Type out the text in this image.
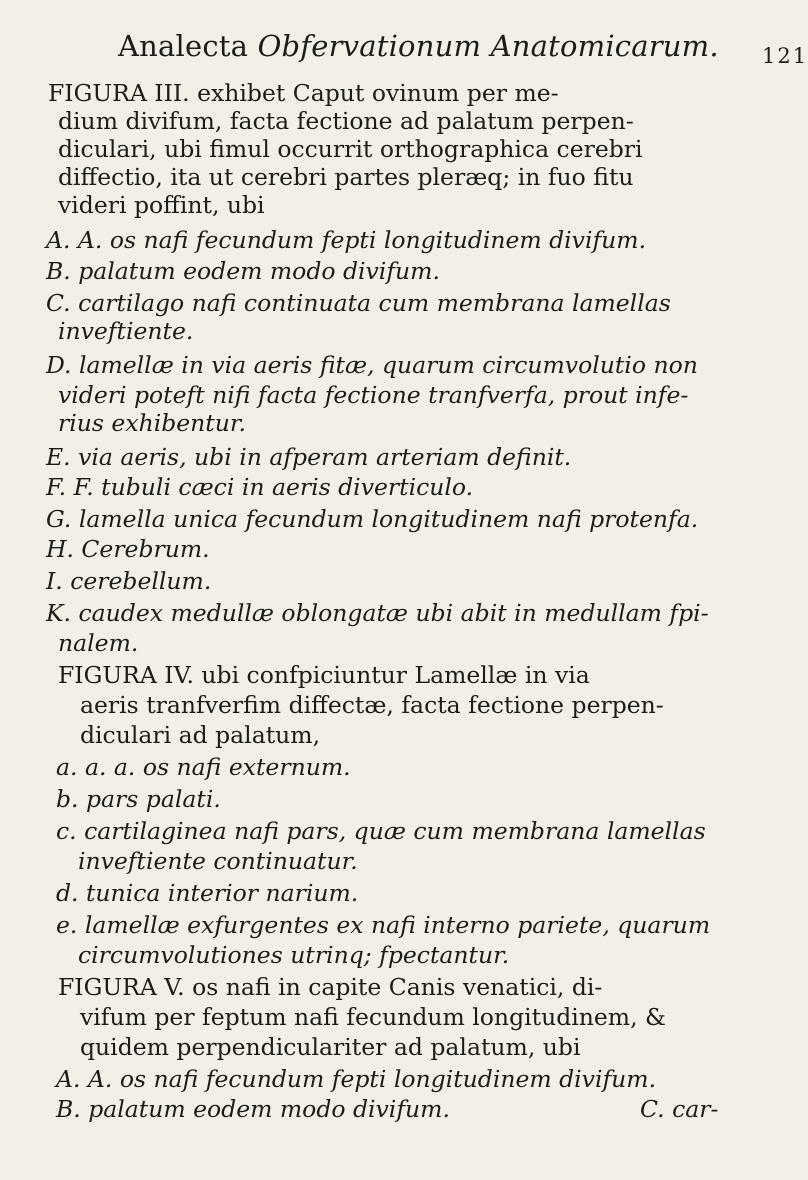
Analecta Obfervationum Anatomicarum. 121
FIGURA III. exhibet Caput ovinum per me-
dium divifum, facta fectione ad palatum perpen-
diculari, ubi fimul occurrit orthographica cerebri
diffectio, ita ut cerebri partes pleræq; in fuo fitu
videri poffint, ubi
A. A. os nafi fecundum fepti longitudinem divifum.
B. palatum eodem modo divifum.
C. cartilago nafi continuata cum membrana lamellas
inveftiente.
D. lamellæ in via aeris fitæ, quarum circumvolutio non
videri poteft nifi facta fectione tranfverfa, prout infe-
rius exhibentur.
E. via aeris, ubi in afperam arteriam definit.
F. F. tubuli cæci in aeris diverticulo.
G. lamella unica fecundum longitudinem nafi protenfa.
H. Cerebrum.
I. cerebellum.
K. caudex medullæ oblongatæ ubi abit in medullam fpi-
nalem.
FIGURA IV. ubi confpiciuntur Lamellæ in via
aeris tranfverfim diffectæ, facta fectione perpen-
diculari ad palatum,
a. a. a. os nafi externum.
b. pars palati.
c. cartilaginea nafi pars, quæ cum membrana lamellas
inveftiente continuatur.
d. tunica interior narium.
e. lamellæ exfurgentes ex nafi interno pariete, quarum
circumvolutiones utrinq; fpectantur.
FIGURA V. os nafi in capite Canis venatici, di-
vifum per feptum nafi fecundum longitudinem, &
quidem perpendiculariter ad palatum, ubi
A. A. os nafi fecundum fepti longitudinem divifum.
B. palatum eodem modo divifum.	C. car-
